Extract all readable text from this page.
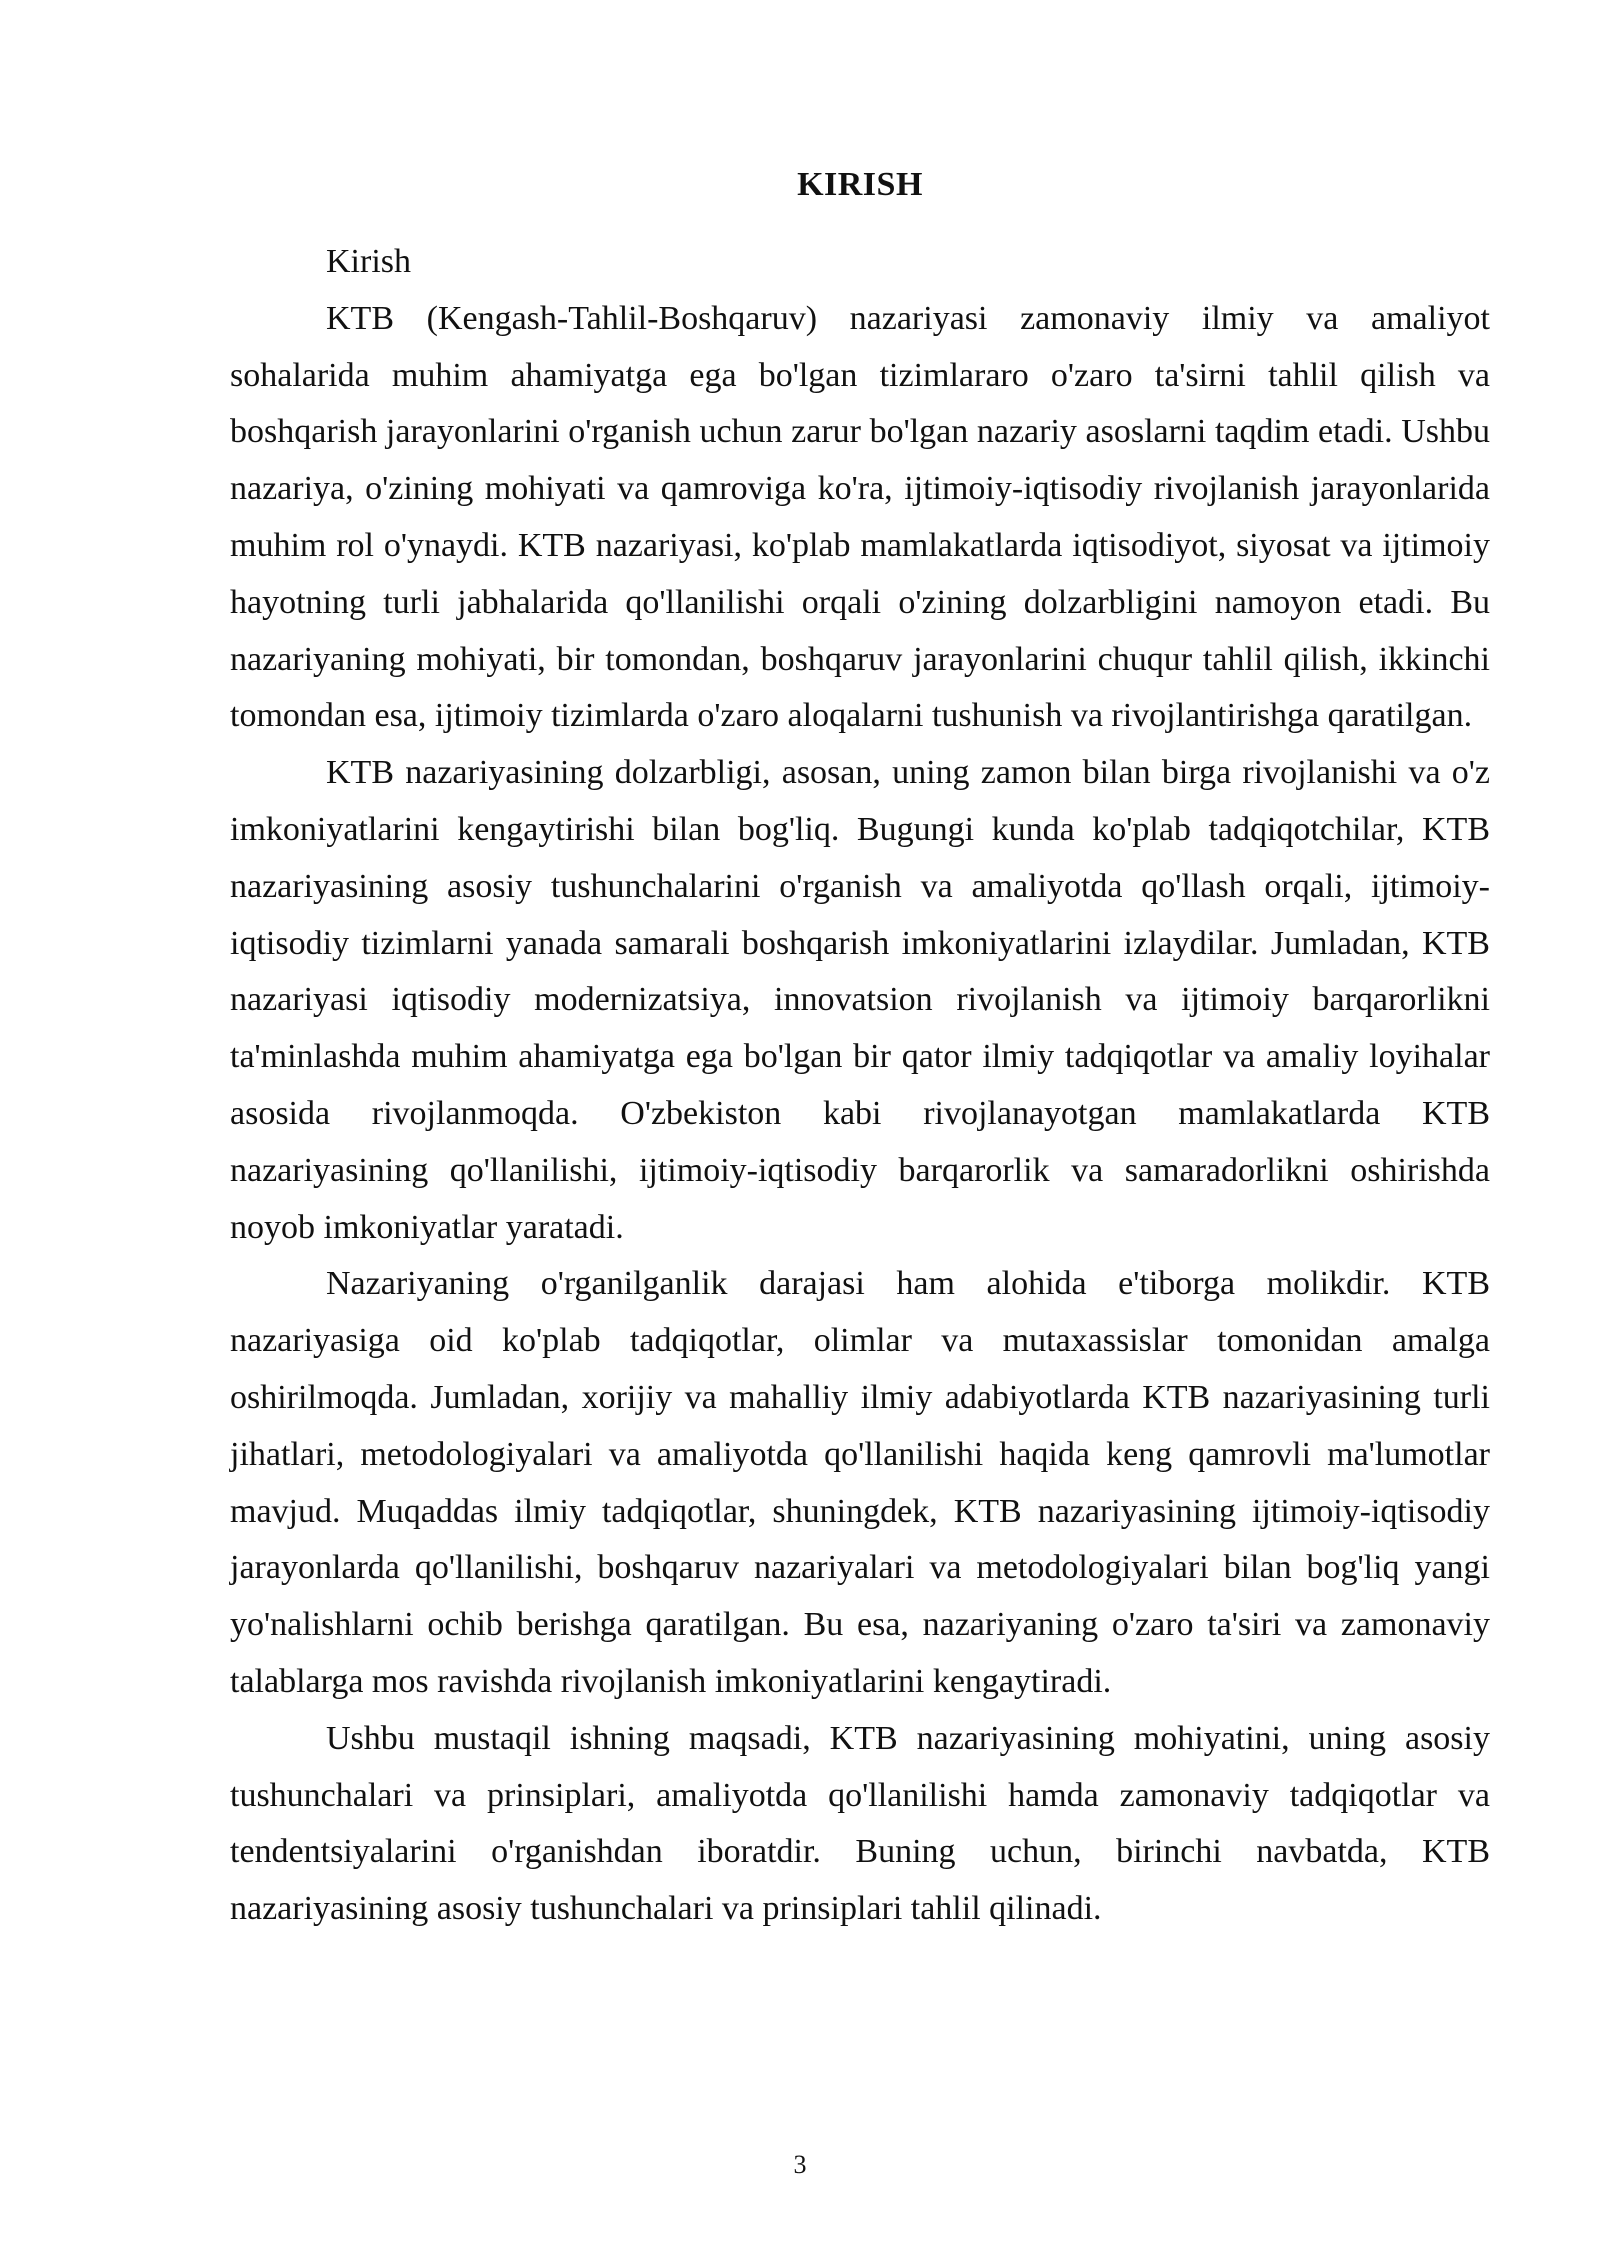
KIRISH

Kirish

KTB (Kengash-Tahlil-Boshqaruv) nazariyasi zamonaviy ilmiy va amaliyot sohalarida muhim ahamiyatga ega bo'lgan tizimlararo o'zaro ta'sirni tahlil qilish va boshqarish jarayonlarini o'rganish uchun zarur bo'lgan nazariy asoslarni taqdim etadi. Ushbu nazariya, o'zining mohiyati va qamroviga ko'ra, ijtimoiy-iqtisodiy rivojlanish jarayonlarida muhim rol o'ynaydi. KTB nazariyasi, ko'plab mamlakatlarda iqtisodiyot, siyosat va ijtimoiy hayotning turli jabhalarida qo'llanilishi orqali o'zining dolzarbligini namoyon etadi. Bu nazariyaning mohiyati, bir tomondan, boshqaruv jarayonlarini chuqur tahlil qilish, ikkinchi tomondan esa, ijtimoiy tizimlarda o'zaro aloqalarni tushunish va rivojlantirishga qaratilgan.

KTB nazariyasining dolzarbligi, asosan, uning zamon bilan birga rivojlanishi va o'z imkoniyatlarini kengaytirishi bilan bog'liq. Bugungi kunda ko'plab tadqiqotchilar, KTB nazariyasining asosiy tushunchalarini o'rganish va amaliyotda qo'llash orqali, ijtimoiy-iqtisodiy tizimlarni yanada samarali boshqarish imkoniyatlarini izlaydilar. Jumladan, KTB nazariyasi iqtisodiy modernizatsiya, innovatsion rivojlanish va ijtimoiy barqarorlikni ta'minlashda muhim ahamiyatga ega bo'lgan bir qator ilmiy tadqiqotlar va amaliy loyihalar asosida rivojlanmoqda. O'zbekiston kabi rivojlanayotgan mamlakatlarda KTB nazariyasining qo'llanilishi, ijtimoiy-iqtisodiy barqarorlik va samaradorlikni oshirishda noyob imkoniyatlar yaratadi.

Nazariyaning o'rganilganlik darajasi ham alohida e'tiborga molikdir. KTB nazariyasiga oid ko'plab tadqiqotlar, olimlar va mutaxassislar tomonidan amalga oshirilmoqda. Jumladan, xorijiy va mahalliy ilmiy adabiyotlarda KTB nazariyasining turli jihatlari, metodologiyalari va amaliyotda qo'llanilishi haqida keng qamrovli ma'lumotlar mavjud. Muqaddas ilmiy tadqiqotlar, shuningdek, KTB nazariyasining ijtimoiy-iqtisodiy jarayonlarda qo'llanilishi, boshqaruv nazariyalari va metodologiyalari bilan bog'liq yangi yo'nalishlarni ochib berishga qaratilgan. Bu esa, nazariyaning o'zaro ta'siri va zamonaviy talablarga mos ravishda rivojlanish imkoniyatlarini kengaytiradi.

Ushbu mustaqil ishning maqsadi, KTB nazariyasining mohiyatini, uning asosiy tushunchalari va prinsiplari, amaliyotda qo'llanilishi hamda zamonaviy tadqiqotlar va tendentsiyalarini o'rganishdan iboratdir. Buning uchun, birinchi navbatda, KTB nazariyasining asosiy tushunchalari va prinsiplari tahlil qilinadi.

3
